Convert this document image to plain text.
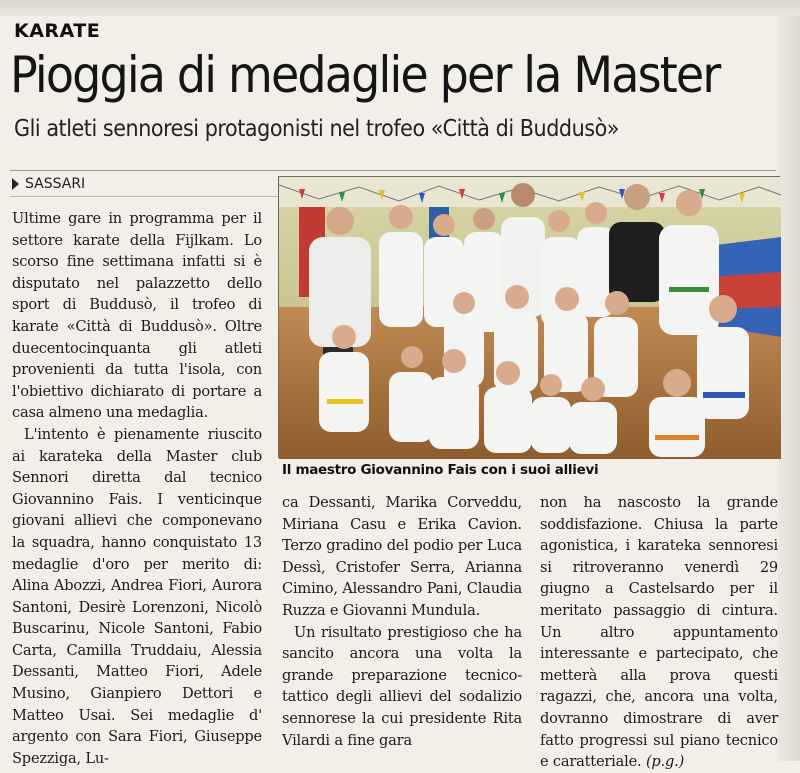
KARATE
Pioggia di medaglie per la Master
Gli atleti sennoresi protagonisti nel trofeo «Città di Buddusò»
SASSARI

Ultime gare in programma per il settore karate della Fijlkam. Lo scorso fine settimana infatti si è disputato nel palazzetto dello sport di Buddusò, il trofeo di karate «Città di Buddusò». Oltre duecentocinquanta gli atleti provenienti da tutta l'isola, con l'obiettivo dichiarato di portare a casa almeno una medaglia.

L'intento è pienamente riuscito ai karateka della Master club Sennori diretta dal tecnico Giovannino Fais. I venticinque giovani allievi che componevano la squadra, hanno conquistato 13 medaglie d'oro per merito di: Alina Abozzi, Andrea Fiori, Aurora Santoni, Desirè Lorenzoni, Nicolò Buscarinu, Nicole Santoni, Fabio Carta, Camilla Truddaiu, Alessia Dessanti, Matteo Fiori, Adele Musino, Gianpiero Dettori e Matteo Usai. Sei medaglie d' argento con Sara Fiori, Giuseppe Spezziga, Lu-

Il maestro Giovannino Fais con i suoi allievi

ca Dessanti, Marika Corveddu, Miriana Casu e Erika Cavion. Terzo gradino del podio per Luca Dessì, Cristofer Serra, Arianna Cimino, Alessandro Pani, Claudia Ruzza e Giovanni Mundula.

Un risultato prestigioso che ha sancito ancora una volta la grande preparazione tecnico-tattico degli allievi del sodalizio sennorese la cui presidente Rita Vilardi a fine gara

non ha nascosto la grande soddisfazione. Chiusa la parte agonistica, i karateka sennoresi si ritroveranno venerdì 29 giugno a Castelsardo per il meritato passaggio di cintura. Un altro appuntamento interessante e partecipato, che metterà alla prova questi ragazzi, che, ancora una volta, dovranno dimostrare di aver fatto progressi sul piano tecnico e caratteriale. (p.g.)
